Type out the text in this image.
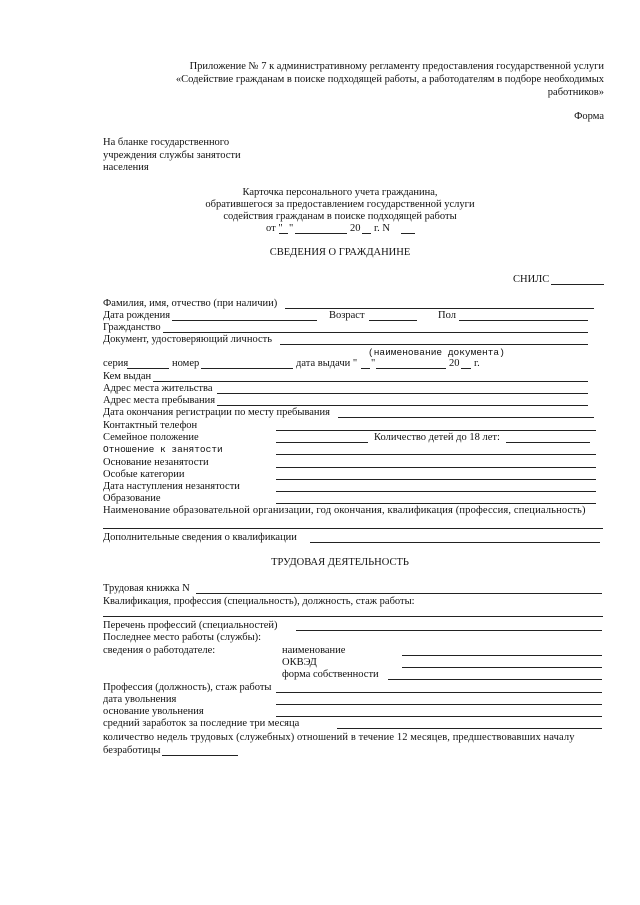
Приложение № 7 к административному регламенту предоставления государственной услуги
«Содействие гражданам в поиске подходящей работы, а работодателям в подборе необходимых
работников»
Форма
На бланке государственного
учреждения службы занятости
населения
Карточка персонального учета гражданина,
обратившегося за предоставлением государственной услуги
содействия гражданам в поиске подходящей работы
от " "	20 г. N
СВЕДЕНИЯ О ГРАЖДАНИНЕ
СНИЛС
Фамилия, имя, отчество (при наличии)
Дата рождения	Возраст	Пол
Гражданство
Документ, удостоверяющий личность
(наименование документа)
серия	номер	дата выдачи " "	20 г.
Кем выдан
Адрес места жительства
Адрес места пребывания
Дата окончания регистрации по месту пребывания
Контактный телефон
Семейное положение	Количество детей до 18 лет:
Отношение к занятости
Основание незанятости
Особые категории
Дата наступления незанятости
Образование
Наименование образовательной организации, год окончания, квалификация (профессия, специальность)
Дополнительные сведения о квалификации
ТРУДОВАЯ ДЕЯТЕЛЬНОСТЬ
Трудовая книжка N
Квалификация, профессия (специальность), должность, стаж работы:
Перечень профессий (специальностей)
Последнее место работы (службы):
сведения о работодателе:	наименование
ОКВЭД
форма собственности
Профессия (должность), стаж работы
дата увольнения
основание увольнения
средний заработок за последние три месяца
количество недель трудовых (служебных) отношений в течение 12 месяцев, предшествовавших началу
безработицы
